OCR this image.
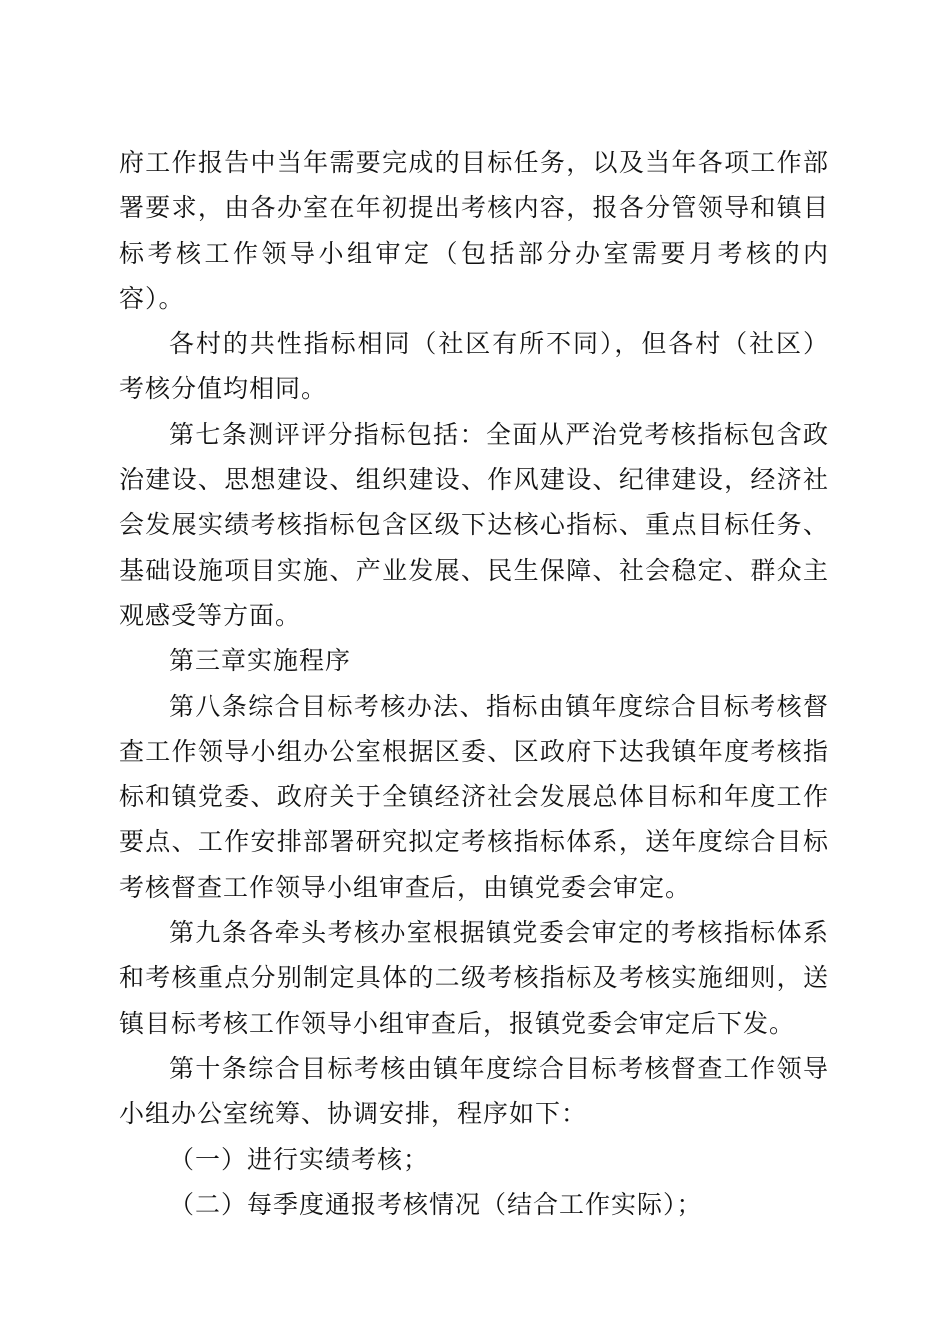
府工作报告中当年需要完成的目标任务，以及当年各项工作部署要求，由各办室在年初提出考核内容，报各分管领导和镇目标考核工作领导小组审定（包括部分办室需要月考核的内容）。

各村的共性指标相同（社区有所不同），但各村（社区）考核分值均相同。

第七条测评评分指标包括：全面从严治党考核指标包含政治建设、思想建设、组织建设、作风建设、纪律建设，经济社会发展实绩考核指标包含区级下达核心指标、重点目标任务、基础设施项目实施、产业发展、民生保障、社会稳定、群众主观感受等方面。

第三章实施程序

第八条综合目标考核办法、指标由镇年度综合目标考核督查工作领导小组办公室根据区委、区政府下达我镇年度考核指标和镇党委、政府关于全镇经济社会发展总体目标和年度工作要点、工作安排部署研究拟定考核指标体系，送年度综合目标考核督查工作领导小组审查后，由镇党委会审定。

第九条各牵头考核办室根据镇党委会审定的考核指标体系和考核重点分别制定具体的二级考核指标及考核实施细则，送镇目标考核工作领导小组审查后，报镇党委会审定后下发。

第十条综合目标考核由镇年度综合目标考核督查工作领导小组办公室统筹、协调安排，程序如下：

（一）进行实绩考核；

（二）每季度通报考核情况（结合工作实际）；
